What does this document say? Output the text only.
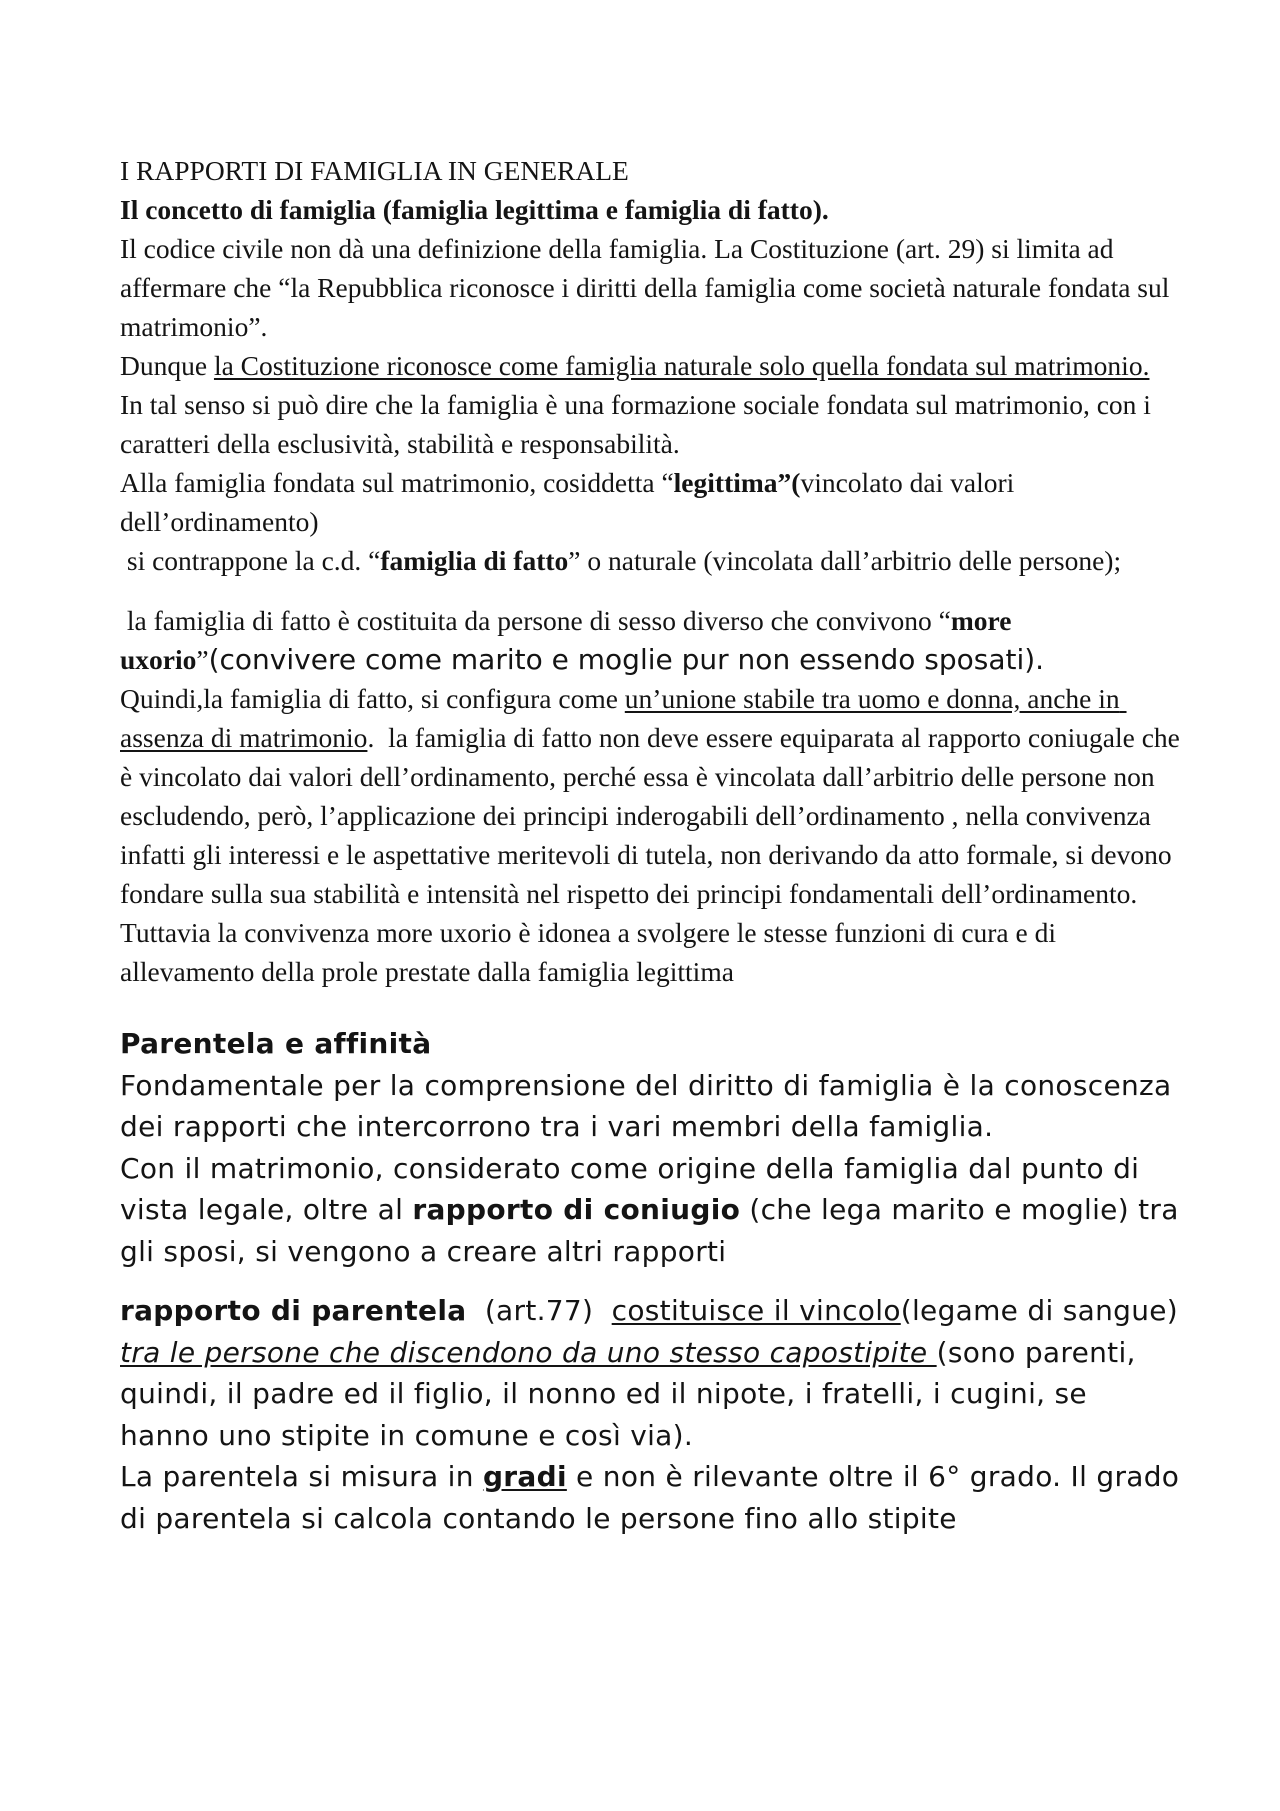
I RAPPORTI DI FAMIGLIA IN GENERALE

Il concetto di famiglia (famiglia legittima e famiglia di fatto).

Il codice civile non dà una definizione della famiglia. La Costituzione (art. 29) si limita ad affermare che “la Repubblica riconosce i diritti della famiglia come società naturale fondata sul matrimonio”.

Dunque la Costituzione riconosce come famiglia naturale solo quella fondata sul matrimonio.

In tal senso si può dire che la famiglia è una formazione sociale fondata sul matrimonio, con i caratteri della esclusività, stabilità e responsabilità.

Alla famiglia fondata sul matrimonio, cosiddetta “legittima”(vincolato dai valori dell’ordinamento)

si contrappone la c.d. “famiglia di fatto” o naturale (vincolata dall’arbitrio delle persone);

la famiglia di fatto è costituita da persone di sesso diverso che convivono “more uxorio”(convivere come marito e moglie pur non essendo sposati).

Quindi,la famiglia di fatto, si configura come un’unione stabile tra uomo e donna, anche in assenza di matrimonio.  la famiglia di fatto non deve essere equiparata al rapporto coniugale che è vincolato dai valori dell’ordinamento, perché essa è vincolata dall’arbitrio delle persone non escludendo, però, l’applicazione dei principi inderogabili dell’ordinamento , nella convivenza infatti gli interessi e le aspettative meritevoli di tutela, non derivando da atto formale, si devono fondare sulla sua stabilità e intensità nel rispetto dei principi fondamentali dell’ordinamento.

Tuttavia la convivenza more uxorio è idonea a svolgere le stesse funzioni di cura e di allevamento della prole prestate dalla famiglia legittima

Parentela e affinità

Fondamentale per la comprensione del diritto di famiglia è la conoscenza dei rapporti che intercorrono tra i vari membri della famiglia.

Con il matrimonio, considerato come origine della famiglia dal punto di vista legale, oltre al rapporto di coniugio (che lega marito e moglie) tra gli sposi, si vengono a creare altri rapporti

rapporto di parentela  (art.77)  costituisce il vincolo(legame di sangue) tra le persone che discendono da uno stesso capostipite (sono parenti, quindi, il padre ed il figlio, il nonno ed il nipote, i fratelli, i cugini, se hanno uno stipite in comune e così via).

La parentela si misura in gradi e non è rilevante oltre il 6° grado. Il grado di parentela si calcola contando le persone fino allo stipite
